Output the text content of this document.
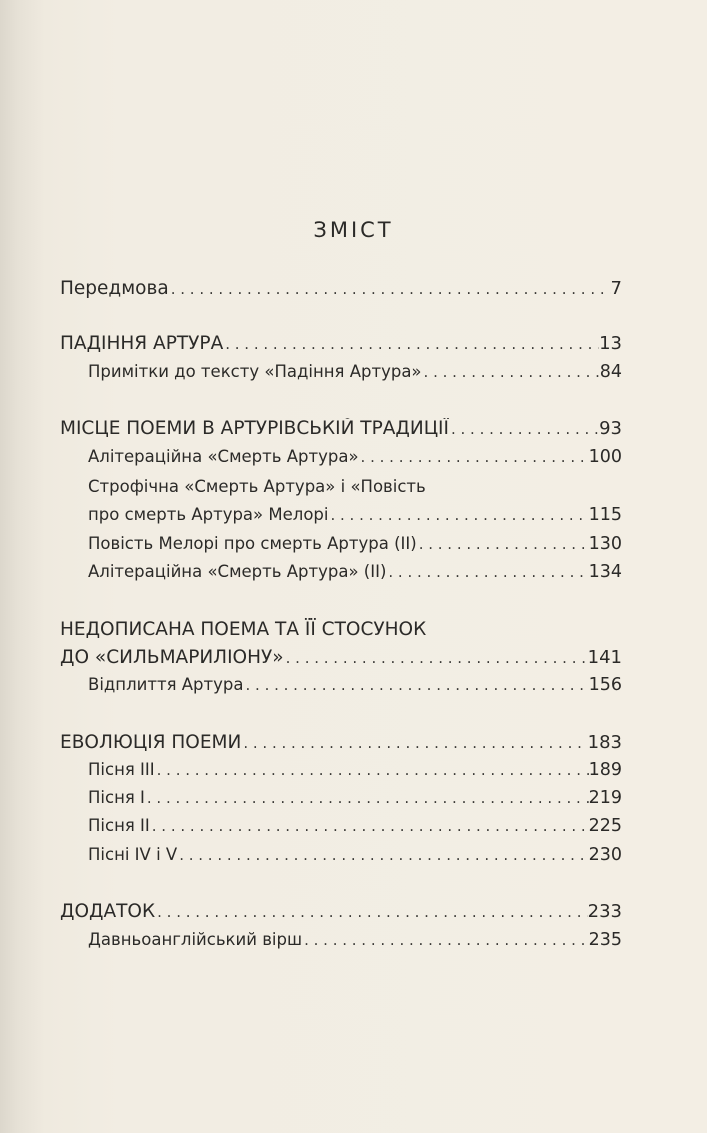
ЗМІСТ
Передмова . . .	7
ПАДІННЯ АРТУРА . . .	13
Примітки до тексту «Падіння Артура» . . .	84
МІСЦЕ ПОЕМИ В АРТУРІВСЬКІЙ ТРАДИЦІЇ . . .	93
Алітераційна «Смерть Артура» . . .	100
Строфічна «Смерть Артура» і «Повість
про смерть Артура» Мелорі . . .	115
Повість Мелорі про смерть Артура (II) . . .	130
Алітераційна «Смерть Артура» (II) . . .	134
НЕДОПИСАНА ПОЕМА ТА ЇЇ СТОСУНОК
ДО «СИЛЬМАРИЛІОНУ» . . .	141
Відплиття Артура . . .	156
ЕВОЛЮЦІЯ ПОЕМИ . . .	183
Пісня III . . .	189
Пісня I . . .	219
Пісня II . . .	225
Пісні IV і V . . .	230
ДОДАТОК . . .	233
Давньоанглійський вірш . . .	235
